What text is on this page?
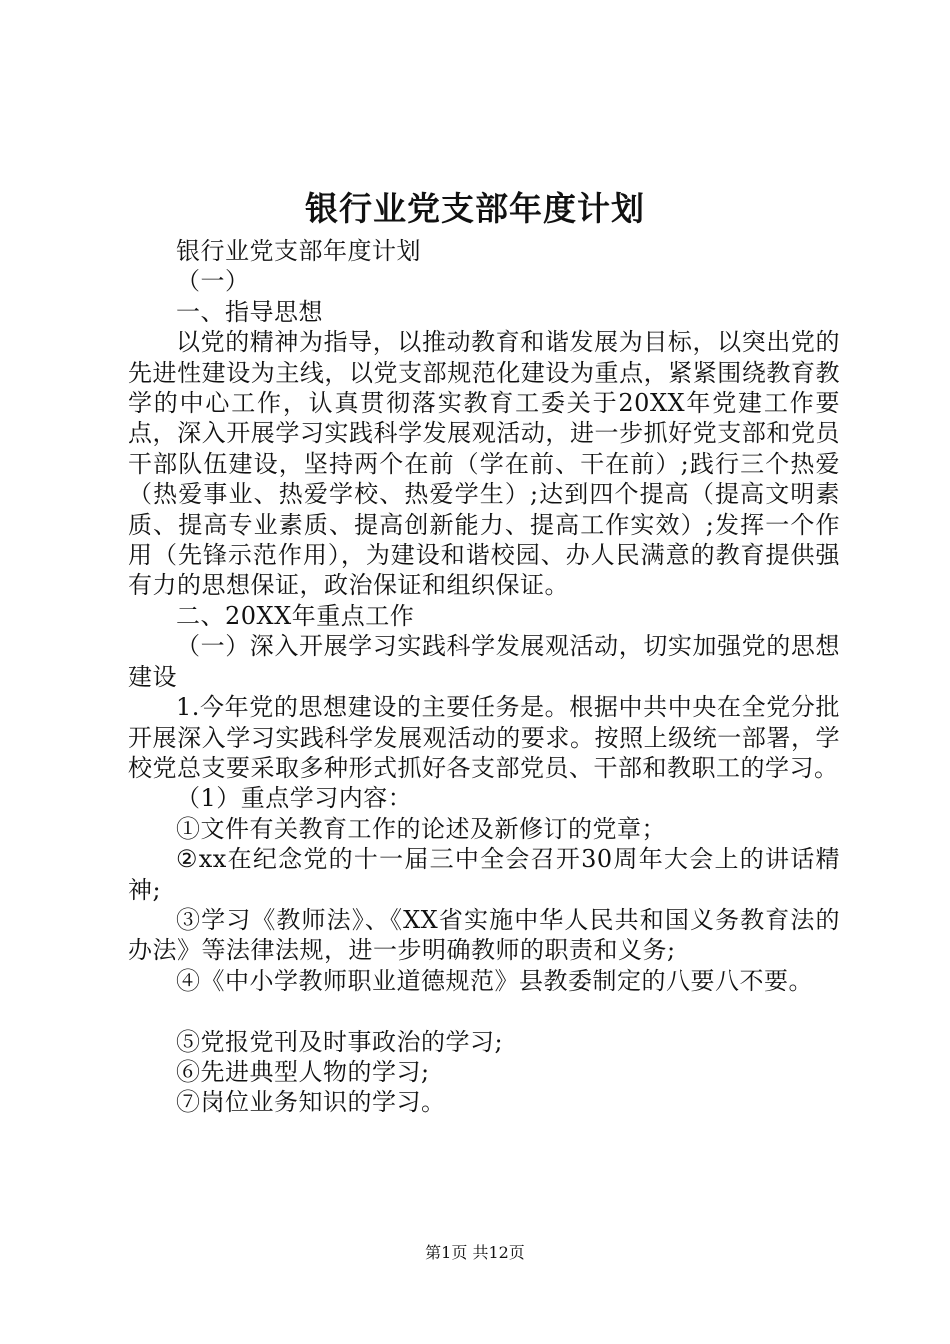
银行业党支部年度计划

银行业党支部年度计划

（一）

一、指导思想

以党的精神为指导，以推动教育和谐发展为目标，以突出党的先进性建设为主线，以党支部规范化建设为重点，紧紧围绕教育教学的中心工作，认真贯彻落实教育工委关于20XX年党建工作要点，深入开展学习实践科学发展观活动，进一步抓好党支部和党员干部队伍建设，坚持两个在前（学在前、干在前）;践行三个热爱（热爱事业、热爱学校、热爱学生）;达到四个提高（提高文明素质、提高专业素质、提高创新能力、提高工作实效）;发挥一个作用（先锋示范作用），为建设和谐校园、办人民满意的教育提供强有力的思想保证，政治保证和组织保证。

二、20XX年重点工作

（一）深入开展学习实践科学发展观活动，切实加强党的思想建设

1.今年党的思想建设的主要任务是。根据中共中央在全党分批开展深入学习实践科学发展观活动的要求。按照上级统一部署，学校党总支要采取多种形式抓好各支部党员、干部和教职工的学习。

（1）重点学习内容：

①文件有关教育工作的论述及新修订的党章；

②xx在纪念党的十一届三中全会召开30周年大会上的讲话精神;

③学习《教师法》、《XX省实施中华人民共和国义务教育法的办法》等法律法规，进一步明确教师的职责和义务;

④《中小学教师职业道德规范》县教委制定的八要八不要。

⑤党报党刊及时事政治的学习;

⑥先进典型人物的学习;

⑦岗位业务知识的学习。

第1页 共12页
